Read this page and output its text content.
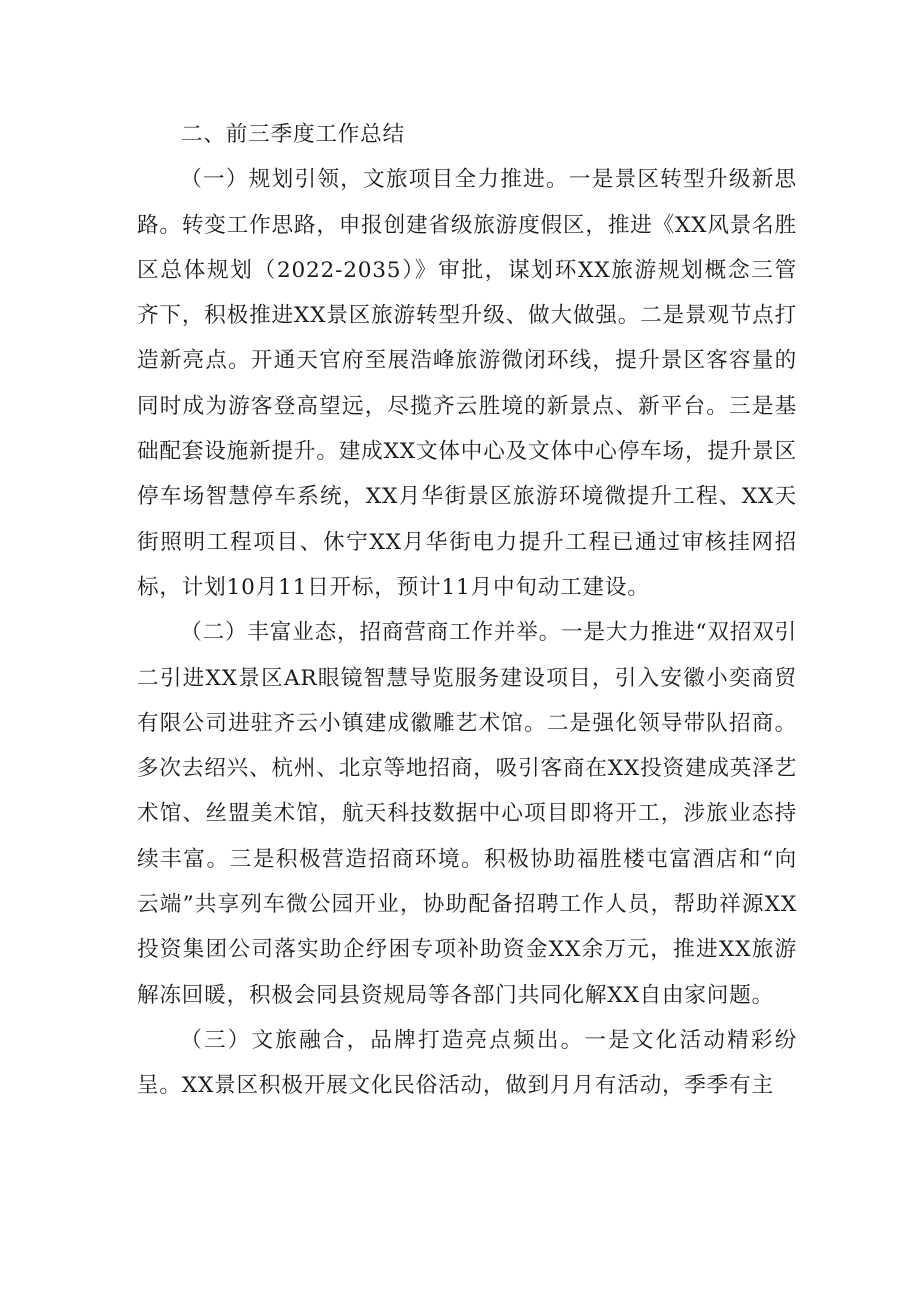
二、前三季度工作总结

（一）规划引领，文旅项目全力推进。一是景区转型升级新思路。转变工作思路，申报创建省级旅游度假区，推进《XX风景名胜区总体规划（2022-2035）》审批，谋划环XX旅游规划概念三管齐下，积极推进XX景区旅游转型升级、做大做强。二是景观节点打造新亮点。开通天官府至展浩峰旅游微闭环线，提升景区客容量的同时成为游客登高望远，尽揽齐云胜境的新景点、新平台。三是基础配套设施新提升。建成XX文体中心及文体中心停车场，提升景区停车场智慧停车系统，XX月华街景区旅游环境微提升工程、XX天街照明工程项目、休宁XX月华街电力提升工程已通过审核挂网招标，计划10月11日开标，预计11月中旬动工建设。

（二）丰富业态，招商营商工作并举。一是大力推进“双招双引二引进XX景区AR眼镜智慧导览服务建设项目，引入安徽小奕商贸有限公司进驻齐云小镇建成徽雕艺术馆。二是强化领导带队招商。多次去绍兴、杭州、北京等地招商，吸引客商在XX投资建成英泽艺术馆、丝盟美术馆，航天科技数据中心项目即将开工，涉旅业态持续丰富。三是积极营造招商环境。积极协助福胜楼屯富酒店和“向云端”共享列车微公园开业，协助配备招聘工作人员，帮助祥源XX投资集团公司落实助企纾困专项补助资金XX余万元，推进XX旅游解冻回暖，积极会同县资规局等各部门共同化解XX自由家问题。

（三）文旅融合，品牌打造亮点频出。一是文化活动精彩纷呈。XX景区积极开展文化民俗活动，做到月月有活动，季季有主
